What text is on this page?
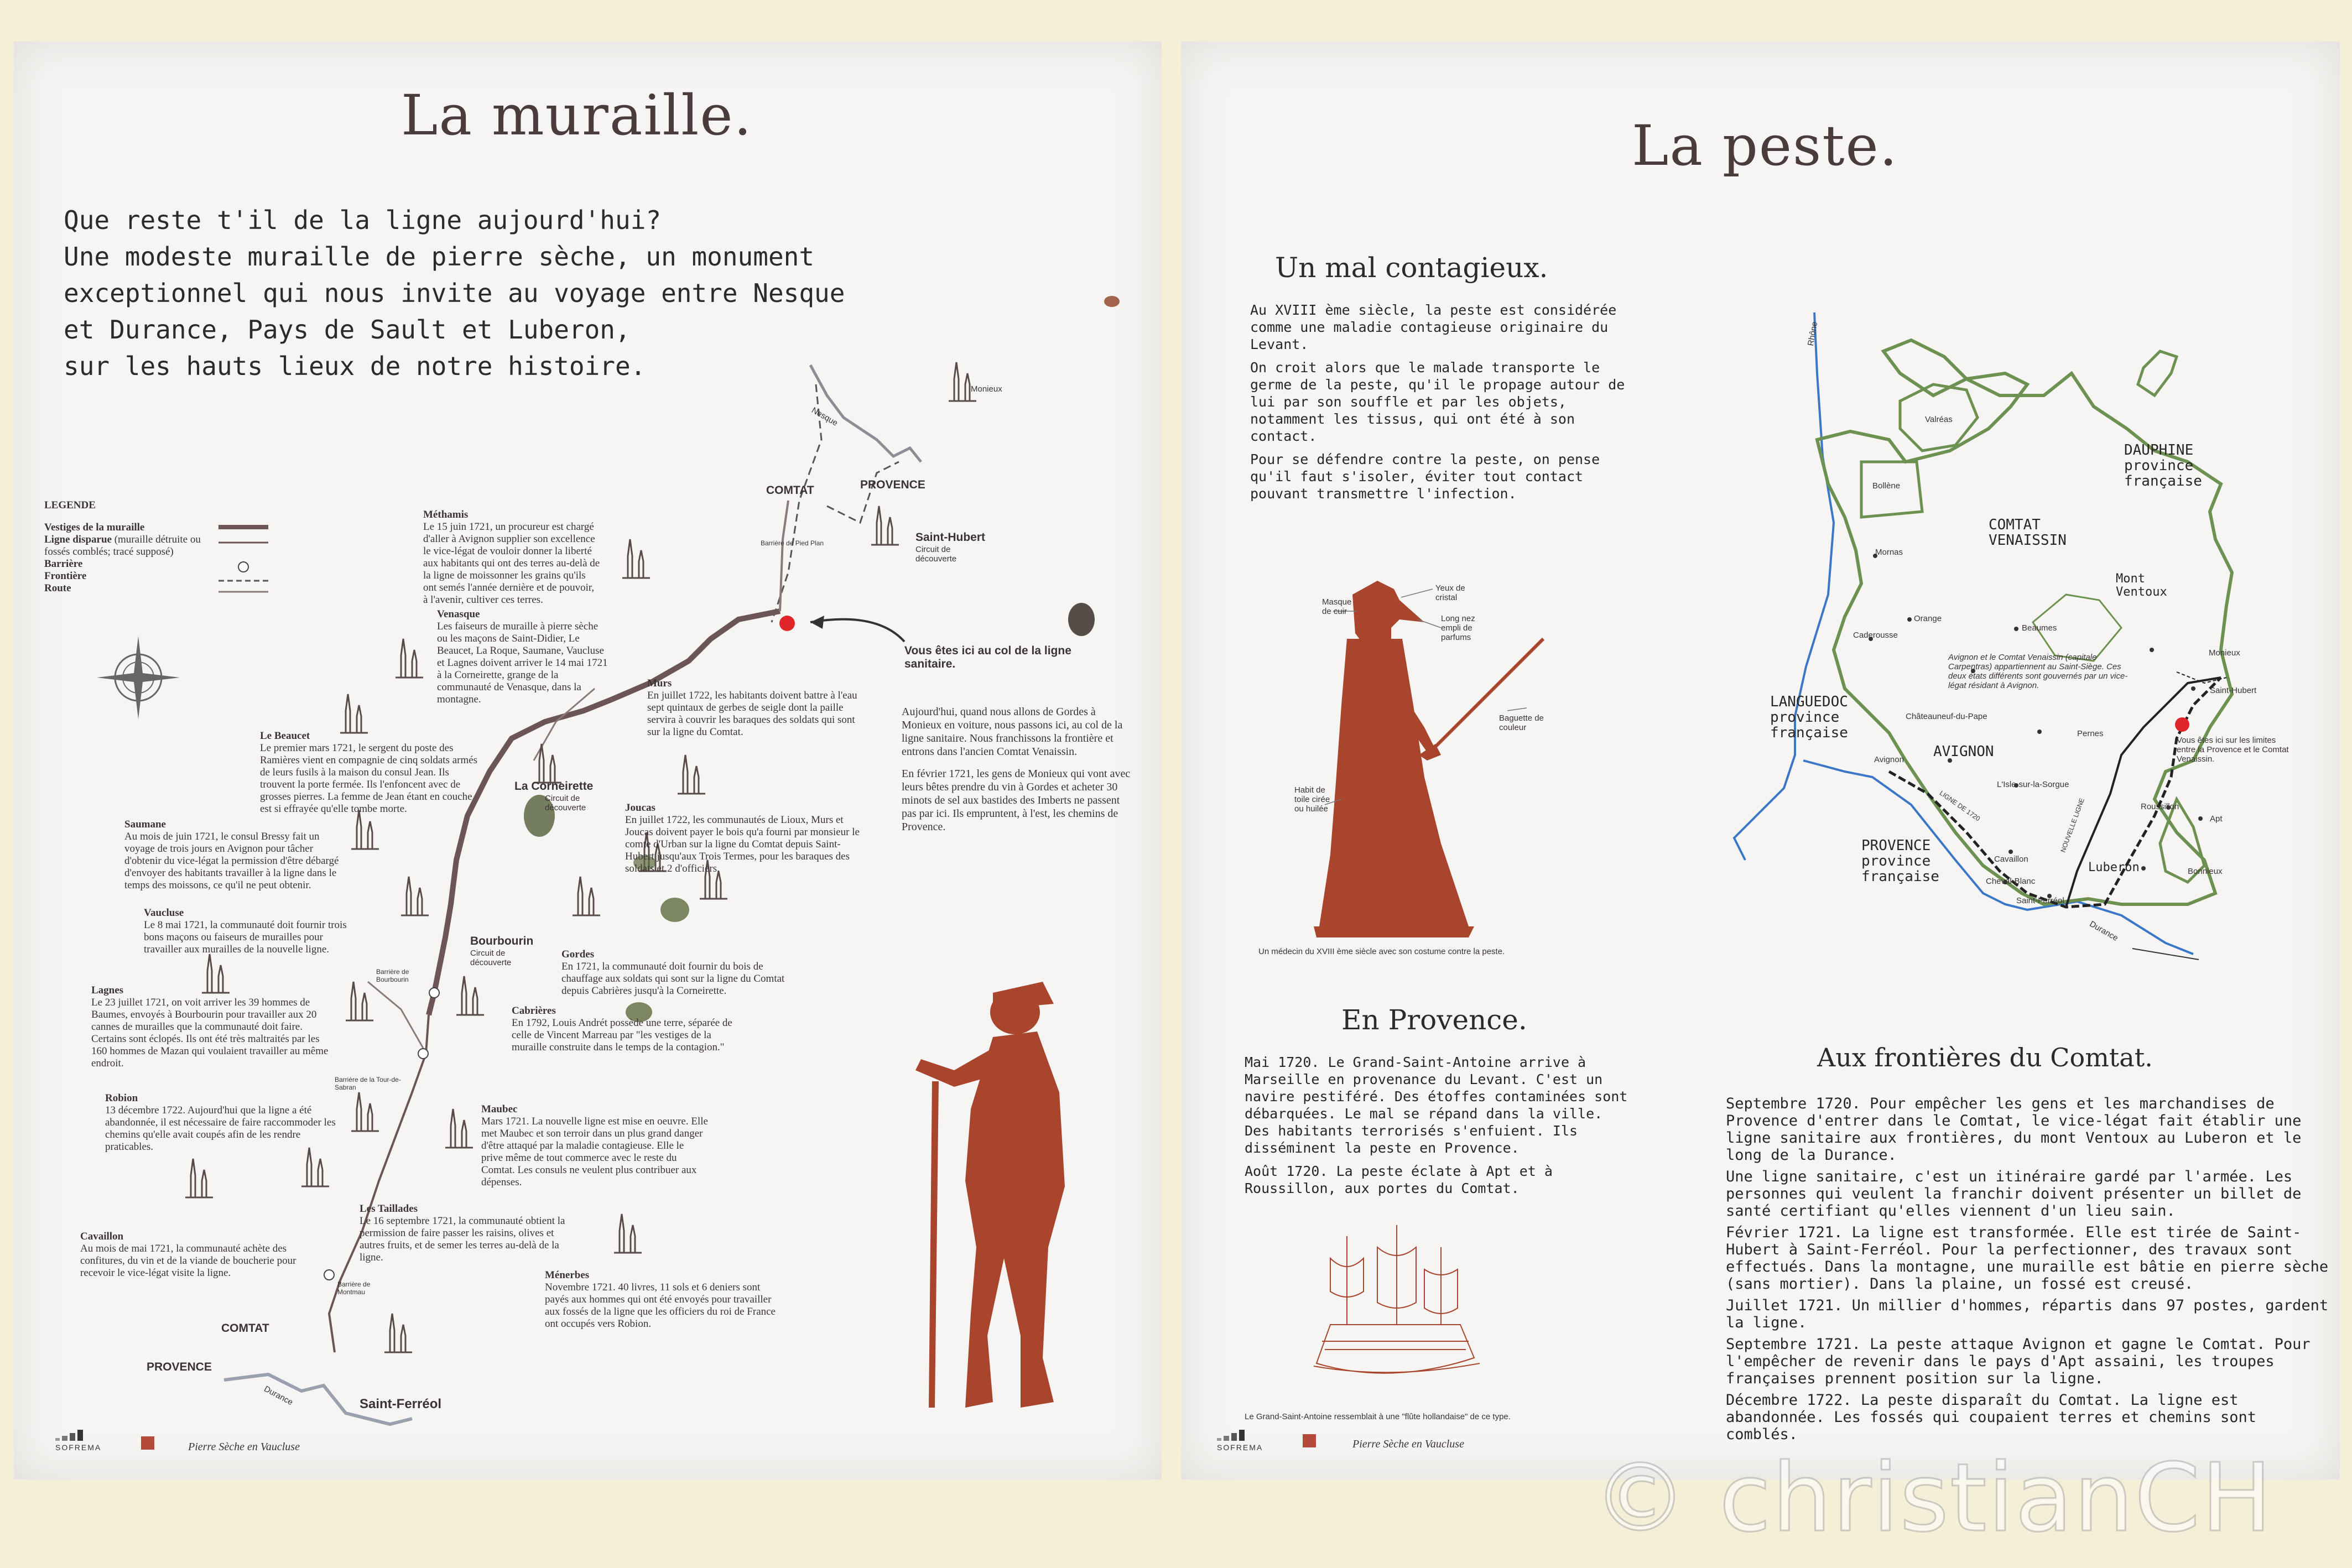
La muraille.
Que reste t'il de la ligne aujourd'hui?
Une modeste muraille de pierre sèche, un monument
exceptionnel qui nous invite au voyage entre Nesque
et Durance, Pays de Sault et Luberon,
sur les hauts lieux de notre histoire.
LEGENDE
Vestiges de la muraille
Ligne disparue (muraille détruite ou fossés comblés; tracé supposé)
Barrière
Frontière
Route
Monieux
COMTAT	PROVENCE
Nesque
Saint-Hubert
Circuit de découverte
Barrière de Pied Plan
Vous êtes ici au col de la ligne sanitaire.
La Corneirette
Circuit de découverte
Bourbourin
Circuit de découverte
Barrière de Bourbourin
Barrière de la Tour-de-Sabran
Barrière de Montmau
COMTAT
PROVENCE
Saint-Ferréol
Durance
Méthamis
Le 15 juin 1721, un procureur est chargé d'aller à Avignon supplier son excellence le vice-légat de vouloir donner la liberté aux habitants qui ont des terres au-delà de la ligne de moissonner les grains qu'ils ont semés l'année dernière et de pouvoir, à l'avenir, cultiver ces terres.
Venasque
Les faiseurs de muraille à pierre sèche ou les maçons de Saint-Didier, Le Beaucet, La Roque, Saumane, Vaucluse et Lagnes doivent arriver le 14 mai 1721 à la Corneirette, grange de la communauté de Venasque, dans la montagne.
Murs
En juillet 1722, les habitants doivent battre à l'eau sept quintaux de gerbes de seigle dont la paille servira à couvrir les baraques des soldats qui sont sur la ligne du Comtat.
Le Beaucet
Le premier mars 1721, le sergent du poste des Ramières vient en compagnie de cinq soldats armés de leurs fusils à la maison du consul Jean. Ils trouvent la porte fermée. Ils l'enfoncent avec de grosses pierres. La femme de Jean étant en couche est si effrayée qu'elle tombe morte.
Saumane
Au mois de juin 1721, le consul Bressy fait un voyage de trois jours en Avignon pour tâcher d'obtenir du vice-légat la permission d'être débargé d'envoyer des habitants travailler à la ligne dans le temps des moissons, ce qu'il ne peut obtenir.
Joucas
En juillet 1722, les communautés de Lioux, Murs et Joucas doivent payer le bois qu'a fourni par monsieur le comte d'Urban sur la ligne du Comtat depuis Saint-Hubert jusqu'aux Trois Termes, pour les baraques des soldats et 2 d'officiers.
Vaucluse
Le 8 mai 1721, la communauté doit fournir trois bons maçons ou faiseurs de murailles pour travailler aux murailles de la nouvelle ligne.	Gordes
En 1721, la communauté doit fournir du bois de chauffage aux soldats qui sont sur la ligne du Comtat depuis Cabrières jusqu'à la Corneirette.
Lagnes
Le 23 juillet 1721, on voit arriver les 39 hommes de Baumes, envoyés à Bourbourin pour travailler aux 20 cannes de murailles que la communauté doit faire. Certains sont éclopés. Ils ont été très maltraités par les 160 hommes de Mazan qui voulaient travailler au même endroit.
Cabrières
En 1792, Louis Andrét possède une terre, séparée de celle de Vincent Marreau par "les vestiges de la muraille construite dans le temps de la contagion."
Robion
13 décembre 1722. Aujourd'hui que la ligne a été abandonnée, il est nécessaire de faire raccommoder les chemins qu'elle avait coupés afin de les rendre praticables.
Maubec
Mars 1721. La nouvelle ligne est mise en oeuvre. Elle met Maubec et son terroir dans un plus grand danger d'être attaqué par la maladie contagieuse. Elle le prive même de tout commerce avec le reste du Comtat. Les consuls ne veulent plus contribuer aux dépenses.
Les Taillades
Le 16 septembre 1721, la communauté obtient la permission de faire passer les raisins, olives et autres fruits, et de semer les terres au-delà de la ligne.
Cavaillon
Au mois de mai 1721, la communauté achète des confitures, du vin et de la viande de boucherie pour recevoir le vice-légat visite la ligne.	Ménerbes
Novembre 1721. 40 livres, 11 sols et 6 deniers sont payés aux hommes qui ont été envoyés pour travailler aux fossés de la ligne que les officiers du roi de France ont occupés vers Robion.
Aujourd'hui, quand nous allons de Gordes à Monieux en voiture, nous passons ici, au col de la ligne sanitaire. Nous franchissons la frontière et entrons dans l'ancien Comtat Venaissin.
En février 1721, les gens de Monieux qui vont avec leurs bêtes prendre du vin à Gordes et acheter 30 minots de sel aux bastides des Imberts ne passent pas par ici. Ils empruntent, à l'est, les chemins de Provence.
SOFREMA	Pierre Sèche en Vaucluse
La peste.
Un mal contagieux.

Au XVIII ème siècle, la peste est considérée comme une maladie contagieuse originaire du Levant.

On croit alors que le malade transporte le germe de la peste, qu'il le propage autour de lui par son souffle et par les objets, notamment les tissus, qui ont été à son contact.

Pour se défendre contre la peste, on pense qu'il faut s'isoler, éviter tout contact pouvant transmettre l'infection.

Masque de cuir
Yeux de cristal
Long nez empli de parfums
Baguette de couleur
Habit de toile cirée ou huilée
Un médecin du XVIII ème siècle avec son costume contre la peste.
En Provence.

Mai 1720. Le Grand-Saint-Antoine arrive à Marseille en provenance du Levant. C'est un navire pestiféré. Des étoffes contaminées sont débarquées. Le mal se répand dans la ville. Des habitants terrorisés s'enfuient. Ils disséminent la peste en Provence.

Août 1720. La peste éclate à Apt et à Roussillon, aux portes du Comtat.

Le Grand-Saint-Antoine ressemblait à une "flûte hollandaise" de ce type.
Rhône
Valréas
Bollène
DAUPHINE province française
COMTAT VENAISSIN
Mornas
Orange
Beaumes
Mont Ventoux
Caderousse
Avignon et le Comtat Venaissin (capitale Carpentras) appartiennent au Saint-Siège. Ces deux états différents sont gouvernés par un vice-légat résidant à Avignon.
Monieux
Saint-Hubert
Châteauneuf-du-Pape
LANGUEDOC province française
AVIGNON
Avignon
Pernes
Vous êtes ici sur les limites entre la Provence et le Comtat Venaissin.
L'Isle-sur-la-Sorgue
Apt
Roussillon
PROVENCE province française
Cavaillon
Luberon	Bonnieux
Cheval-Blanc
Saint-Ferréol
Durance
LIGNE DE 1720	NOUVELLE LIGNE
Aux frontières du Comtat.

Septembre 1720. Pour empêcher les gens et les marchandises de Provence d'entrer dans le Comtat, le vice-légat fait établir une ligne sanitaire aux frontières, du mont Ventoux au Luberon et le long de la Durance.

Une ligne sanitaire, c'est un itinéraire gardé par l'armée. Les personnes qui veulent la franchir doivent présenter un billet de santé certifiant qu'elles viennent d'un lieu sain.

Février 1721. La ligne est transformée. Elle est tirée de Saint-Hubert à Saint-Ferréol. Pour la perfectionner, des travaux sont effectués. Dans la montagne, une muraille est bâtie en pierre sèche (sans mortier). Dans la plaine, un fossé est creusé.

Juillet 1721. Un millier d'hommes, répartis dans 97 postes, gardent la ligne.

Septembre 1721. La peste attaque Avignon et gagne le Comtat. Pour l'empêcher de revenir dans le pays d'Apt assaini, les troupes françaises prennent position sur la ligne.

Décembre 1722. La peste disparaît du Comtat. La ligne est abandonnée. Les fossés qui coupaient terres et chemins sont comblés.

SOFREMA	Pierre Sèche en Vaucluse © christianCH
